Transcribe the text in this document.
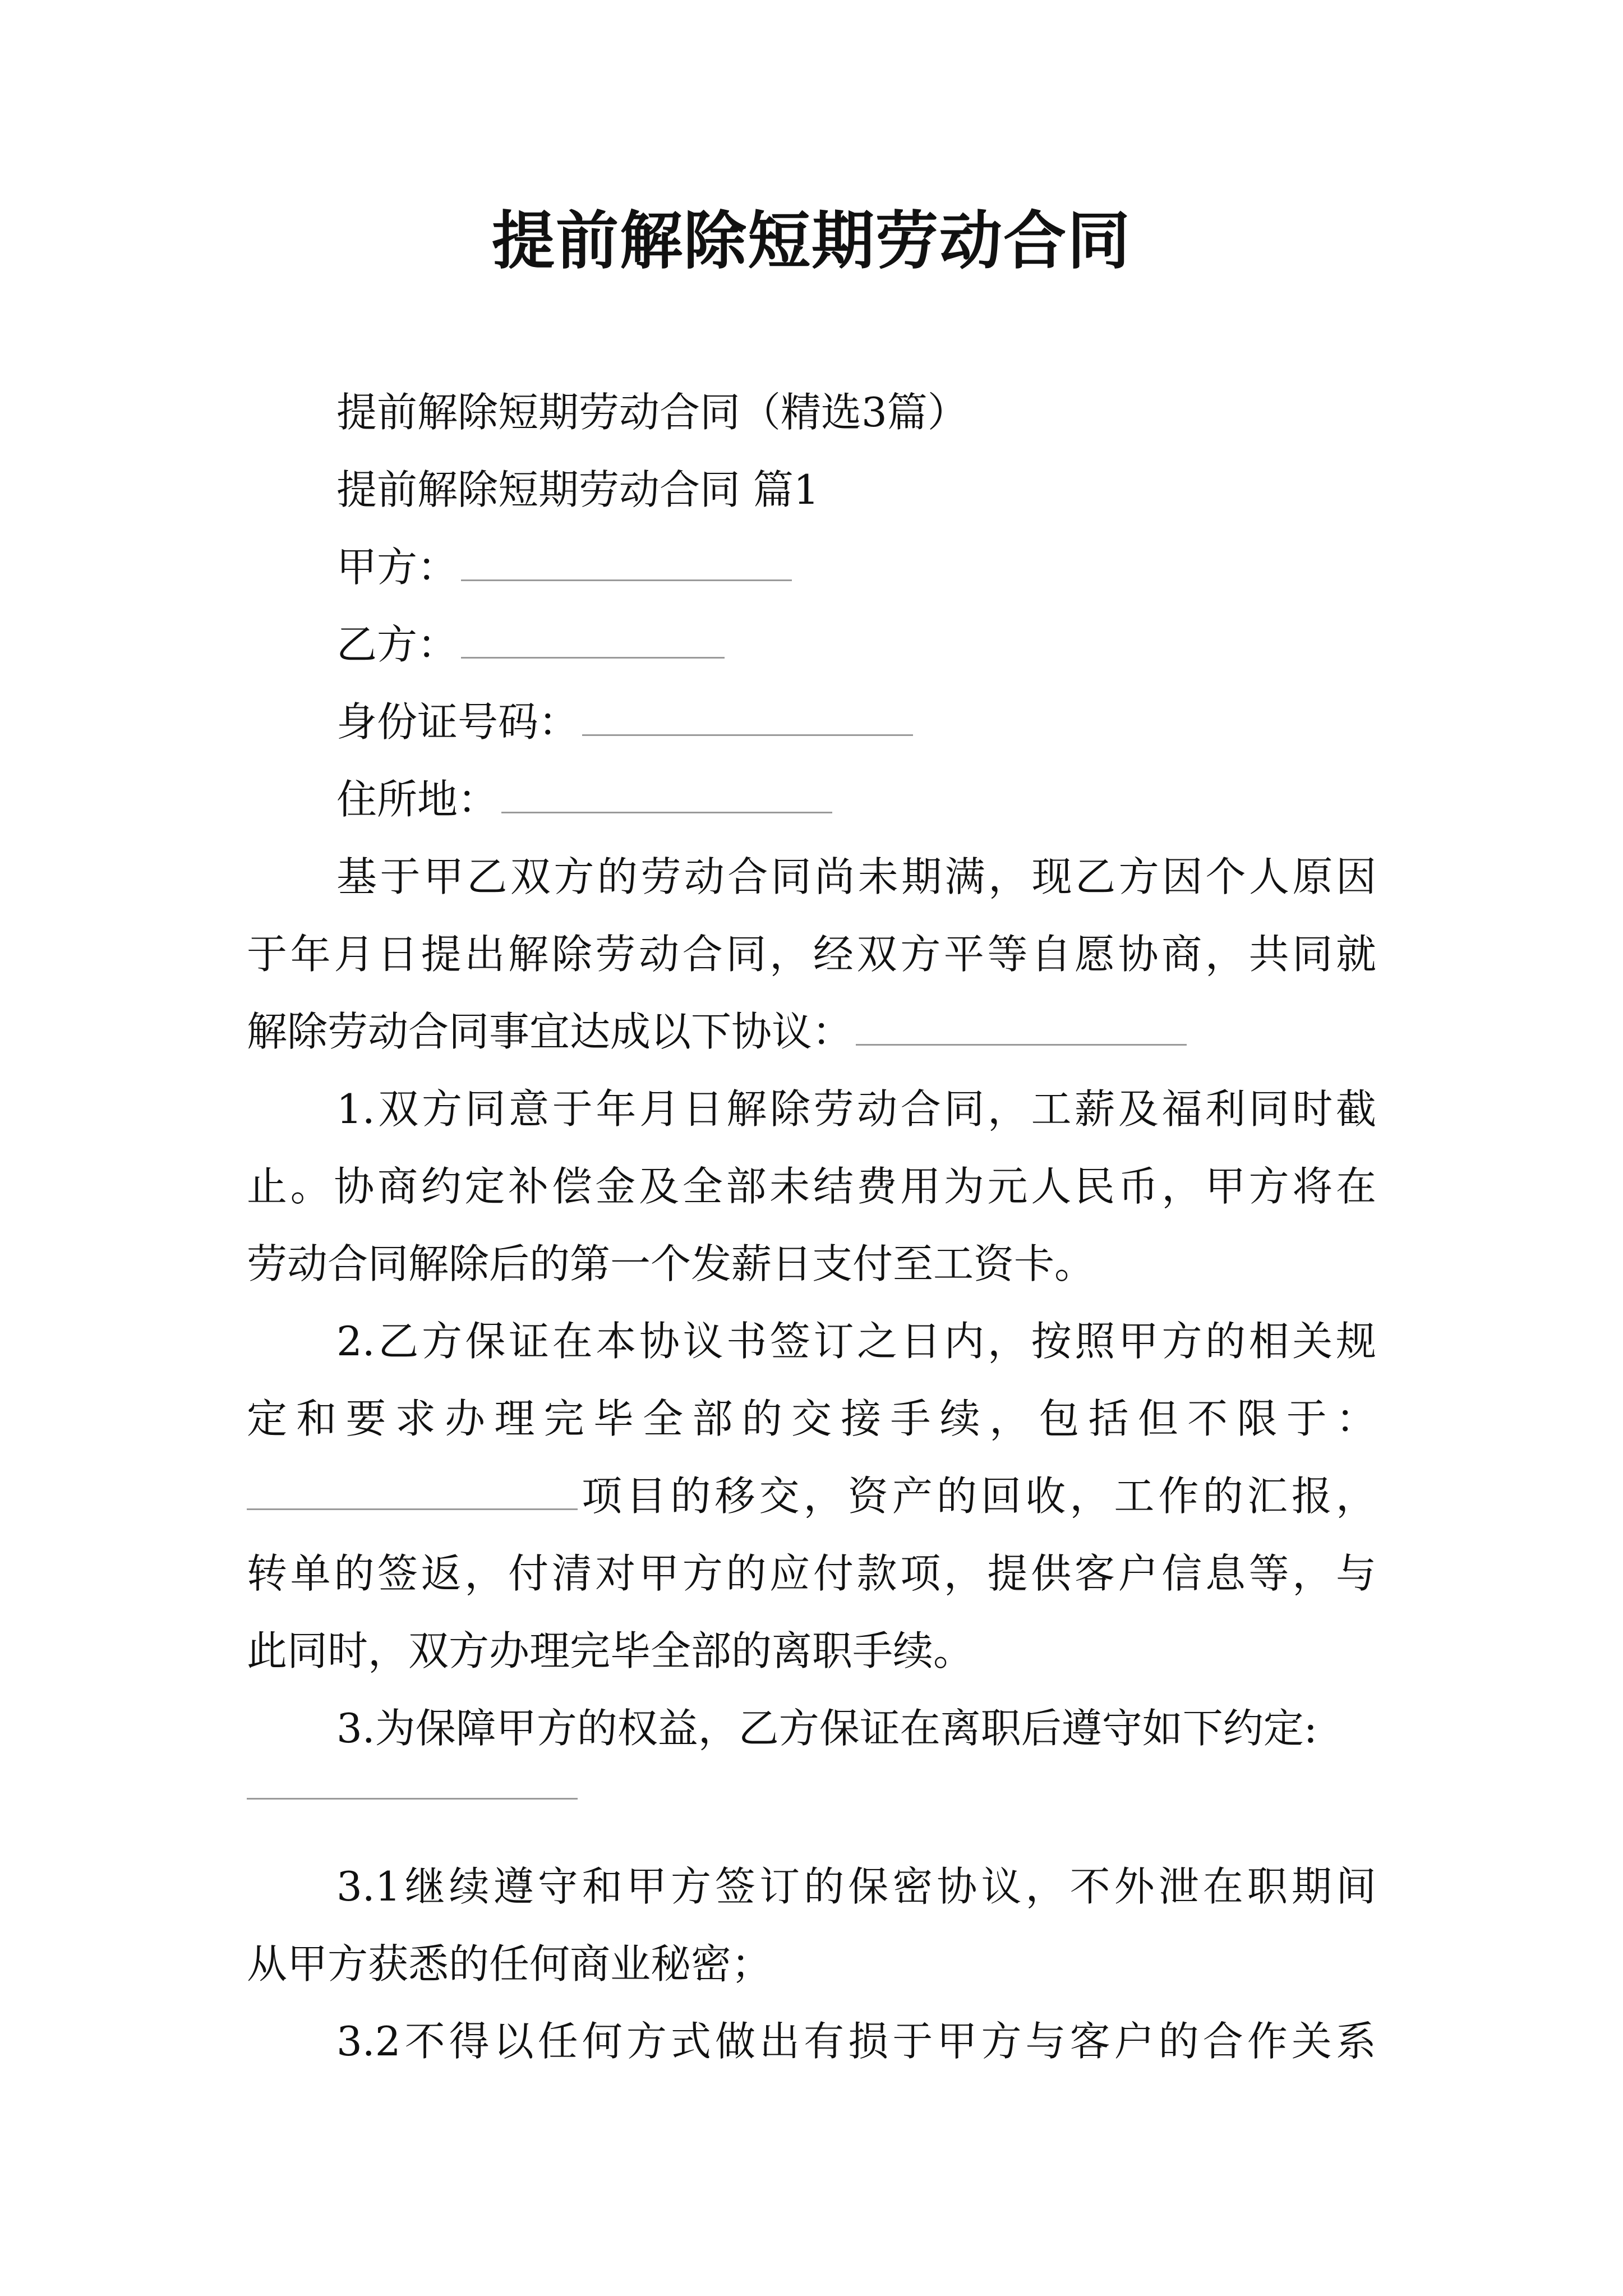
提前解除短期劳动合同
提前解除短期劳动合同（精选3篇）
提前解除短期劳动合同 篇1
甲方：
乙方：
身份证号码：
住所地：
基于甲乙双方的劳动合同尚未期满，现乙方因个人原因
于年月日提出解除劳动合同，经双方平等自愿协商，共同就
解除劳动合同事宜达成以下协议：
1.双方同意于年月日解除劳动合同，工薪及福利同时截
止。协商约定补偿金及全部未结费用为元人民币，甲方将在
劳动合同解除后的第一个发薪日支付至工资卡。
2.乙方保证在本协议书签订之日内，按照甲方的相关规
定和要求办理完毕全部的交接手续，包括但不限于：
项目的移交，资产的回收，工作的汇报，
转单的签返，付清对甲方的应付款项，提供客户信息等，与
此同时，双方办理完毕全部的离职手续。
3.为保障甲方的权益，乙方保证在离职后遵守如下约定:
3.1继续遵守和甲方签订的保密协议，不外泄在职期间
从甲方获悉的任何商业秘密；
3.2不得以任何方式做出有损于甲方与客户的合作关系
